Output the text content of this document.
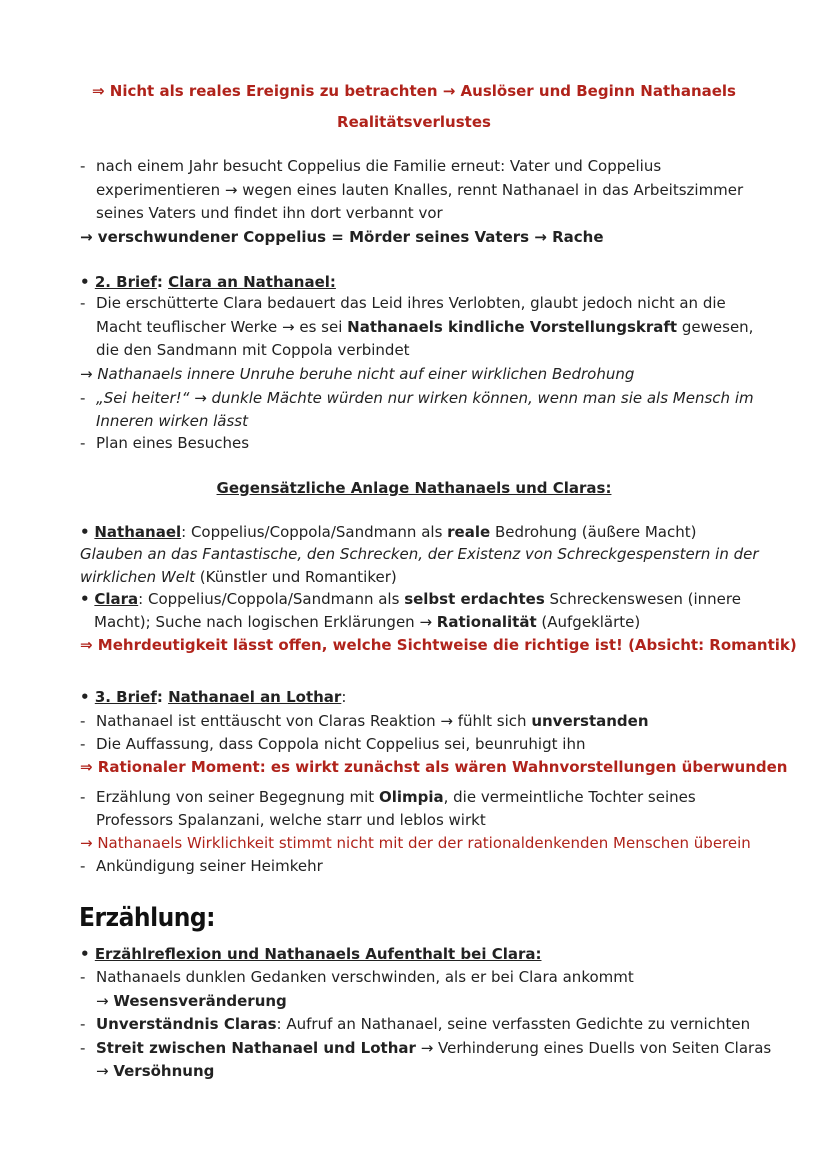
⇒ Nicht als reales Ereignis zu betrachten → Auslöser und Beginn Nathanaels
Realitätsverlustes
- nach einem Jahr besucht Coppelius die Familie erneut: Vater und Coppelius
experimentieren → wegen eines lauten Knalles, rennt Nathanael in das Arbeitszimmer
seines Vaters und findet ihn dort verbannt vor
→ verschwundener Coppelius = Mörder seines Vaters → Rache
• 2. Brief: Clara an Nathanael:
- Die erschütterte Clara bedauert das Leid ihres Verlobten, glaubt jedoch nicht an die
Macht teuflischer Werke → es sei Nathanaels kindliche Vorstellungskraft gewesen,
die den Sandmann mit Coppola verbindet
→ Nathanaels innere Unruhe beruhe nicht auf einer wirklichen Bedrohung
- „Sei heiter!“ → dunkle Mächte würden nur wirken können, wenn man sie als Mensch im
Inneren wirken lässt
- Plan eines Besuches
Gegensätzliche Anlage Nathanaels und Claras:
• Nathanael: Coppelius/Coppola/Sandmann als reale Bedrohung (äußere Macht)
Glauben an das Fantastische, den Schrecken, der Existenz von Schreckgespenstern in der
wirklichen Welt (Künstler und Romantiker)
• Clara: Coppelius/Coppola/Sandmann als selbst erdachtes Schreckenswesen (innere
Macht); Suche nach logischen Erklärungen → Rationalität (Aufgeklärte)
⇒ Mehrdeutigkeit lässt offen, welche Sichtweise die richtige ist! (Absicht: Romantik)
• 3. Brief: Nathanael an Lothar:
- Nathanael ist enttäuscht von Claras Reaktion → fühlt sich unverstanden
- Die Auffassung, dass Coppola nicht Coppelius sei, beunruhigt ihn
⇒ Rationaler Moment: es wirkt zunächst als wären Wahnvorstellungen überwunden
- Erzählung von seiner Begegnung mit Olimpia, die vermeintliche Tochter seines
Professors Spalanzani, welche starr und leblos wirkt
→ Nathanaels Wirklichkeit stimmt nicht mit der der rationaldenkenden Menschen überein
- Ankündigung seiner Heimkehr
Erzählung:
• Erzählreflexion und Nathanaels Aufenthalt bei Clara:
- Nathanaels dunklen Gedanken verschwinden, als er bei Clara ankommt
→ Wesensveränderung
- Unverständnis Claras: Aufruf an Nathanael, seine verfassten Gedichte zu vernichten
- Streit zwischen Nathanael und Lothar → Verhinderung eines Duells von Seiten Claras
→ Versöhnung
